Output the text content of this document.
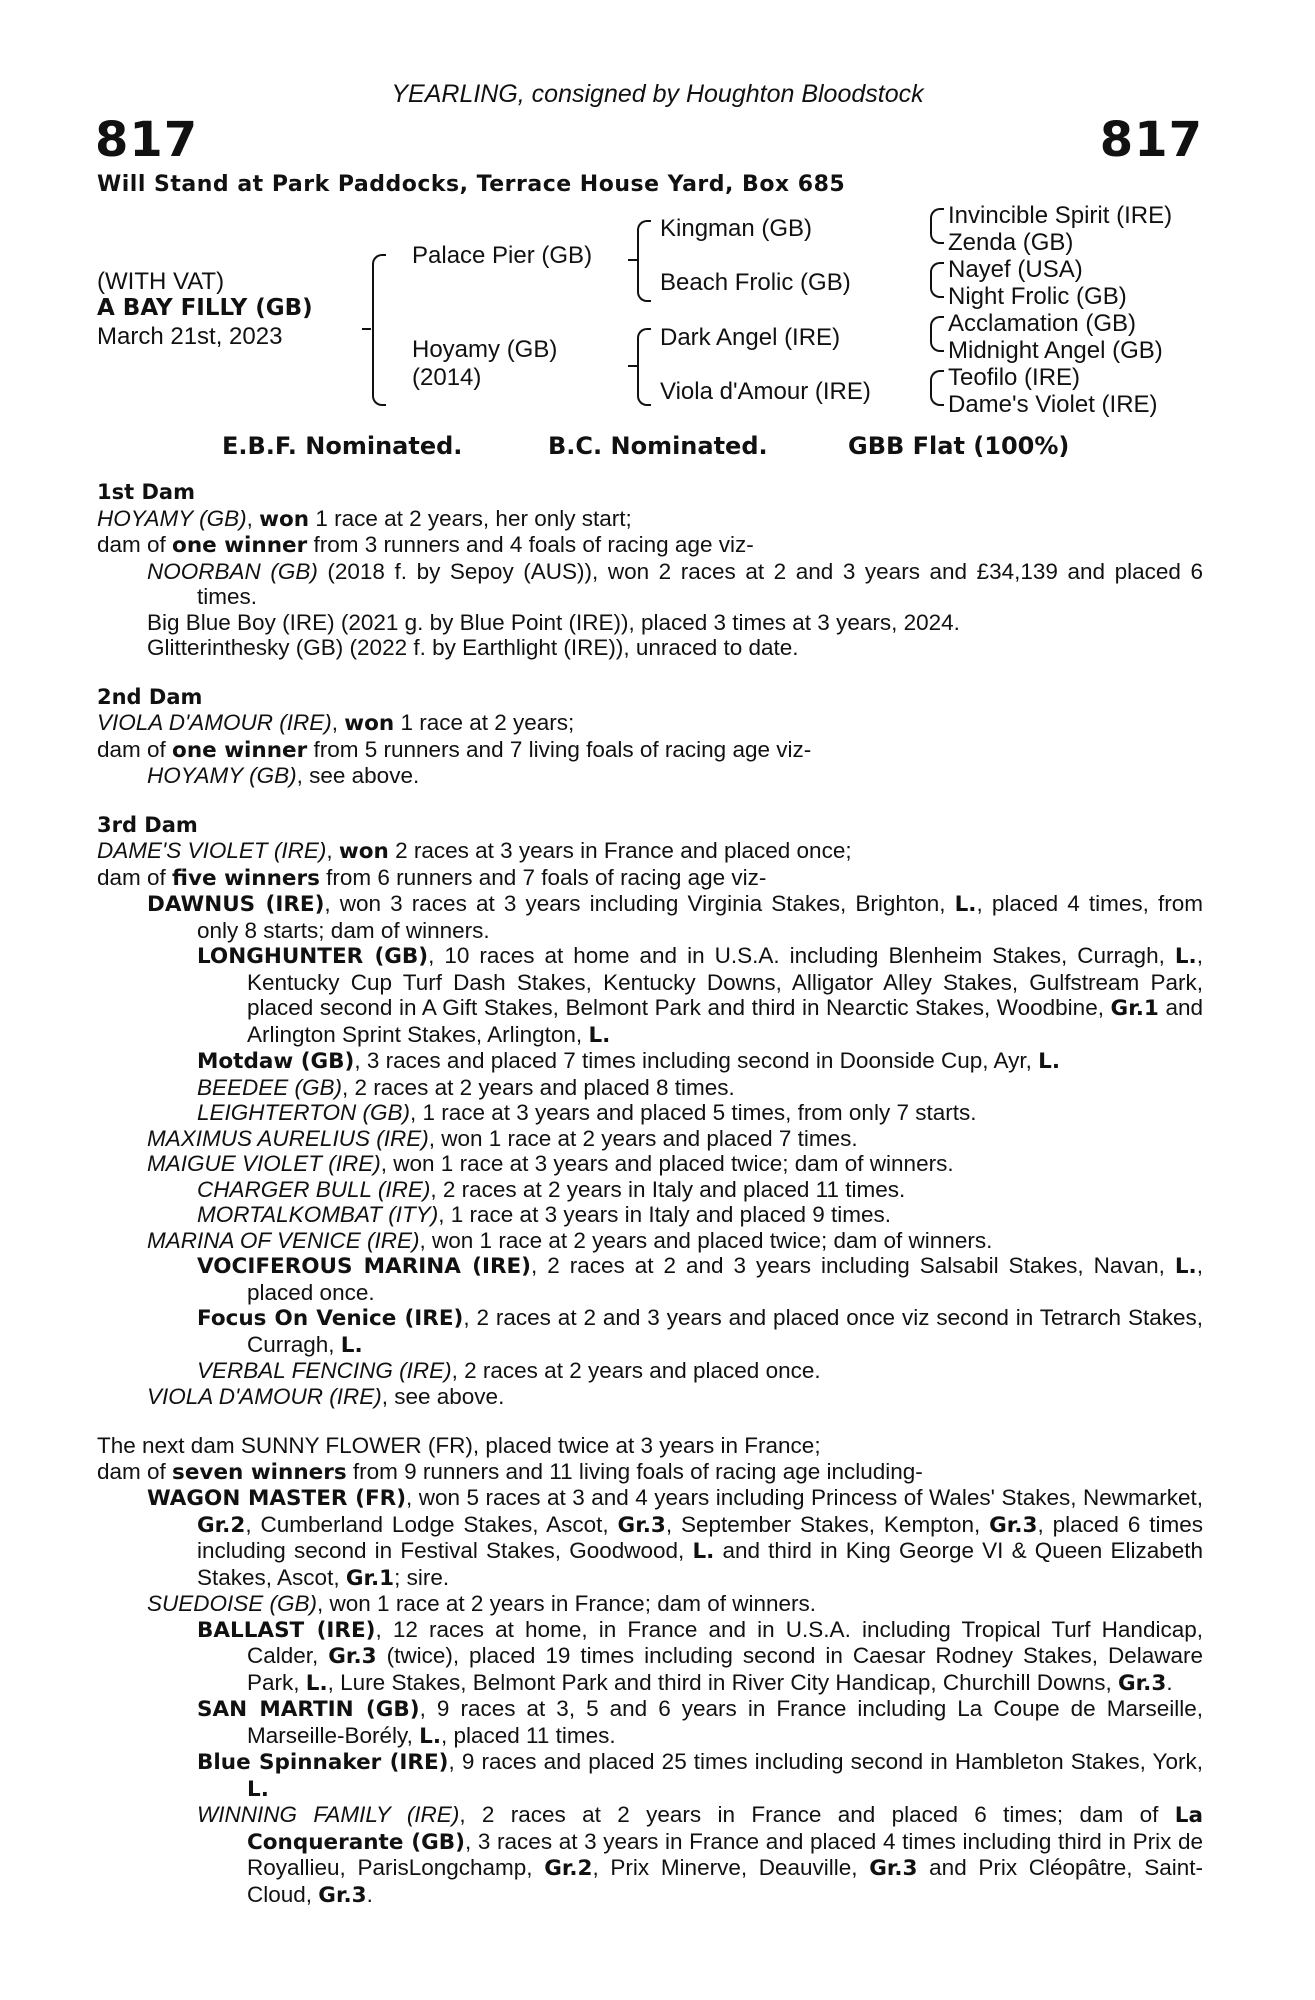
YEARLING, consigned by Houghton Bloodstock
817	817
Will Stand at Park Paddocks, Terrace House Yard, Box 685
(WITH VAT)
A BAY FILLY (GB)
March 21st, 2023
Palace Pier (GB)
Hoyamy (GB)
(2014)
Kingman (GB)
Beach Frolic (GB)
Dark Angel (IRE)
Viola d'Amour (IRE)
Invincible Spirit (IRE)
Zenda (GB)
Nayef (USA)
Night Frolic (GB)
Acclamation (GB)
Midnight Angel (GB)
Teofilo (IRE)
Dame's Violet (IRE)
E.B.F. Nominated.	B.C. Nominated.	GBB Flat (100%)

1st Dam

HOYAMY (GB), won 1 race at 2 years, her only start;

dam of one winner from 3 runners and 4 foals of racing age viz-

NOORBAN (GB) (2018 f. by Sepoy (AUS)), won 2 races at 2 and 3 years and £34,139 and placed 6 times.

Big Blue Boy (IRE) (2021 g. by Blue Point (IRE)), placed 3 times at 3 years, 2024.

Glitterinthesky (GB) (2022 f. by Earthlight (IRE)), unraced to date.

2nd Dam

VIOLA D'AMOUR (IRE), won 1 race at 2 years;

dam of one winner from 5 runners and 7 living foals of racing age viz-

HOYAMY (GB), see above.

3rd Dam

DAME'S VIOLET (IRE), won 2 races at 3 years in France and placed once;

dam of five winners from 6 runners and 7 foals of racing age viz-

DAWNUS (IRE), won 3 races at 3 years including Virginia Stakes, Brighton, L., placed 4 times, from only 8 starts; dam of winners.

LONGHUNTER (GB), 10 races at home and in U.S.A. including Blenheim Stakes, Curragh, L., Kentucky Cup Turf Dash Stakes, Kentucky Downs, Alligator Alley Stakes, Gulfstream Park, placed second in A Gift Stakes, Belmont Park and third in Nearctic Stakes, Woodbine, Gr.1 and Arlington Sprint Stakes, Arlington, L.

Motdaw (GB), 3 races and placed 7 times including second in Doonside Cup, Ayr, L.

BEEDEE (GB), 2 races at 2 years and placed 8 times.

LEIGHTERTON (GB), 1 race at 3 years and placed 5 times, from only 7 starts.

MAXIMUS AURELIUS (IRE), won 1 race at 2 years and placed 7 times.

MAIGUE VIOLET (IRE), won 1 race at 3 years and placed twice; dam of winners.

CHARGER BULL (IRE), 2 races at 2 years in Italy and placed 11 times.

MORTALKOMBAT (ITY), 1 race at 3 years in Italy and placed 9 times.

MARINA OF VENICE (IRE), won 1 race at 2 years and placed twice; dam of winners.

VOCIFEROUS MARINA (IRE), 2 races at 2 and 3 years including Salsabil Stakes, Navan, L., placed once.

Focus On Venice (IRE), 2 races at 2 and 3 years and placed once viz second in Tetrarch Stakes, Curragh, L.

VERBAL FENCING (IRE), 2 races at 2 years and placed once.

VIOLA D'AMOUR (IRE), see above.

The next dam SUNNY FLOWER (FR), placed twice at 3 years in France;

dam of seven winners from 9 runners and 11 living foals of racing age including-

WAGON MASTER (FR), won 5 races at 3 and 4 years including Princess of Wales' Stakes, Newmarket, Gr.2, Cumberland Lodge Stakes, Ascot, Gr.3, September Stakes, Kempton, Gr.3, placed 6 times including second in Festival Stakes, Goodwood, L. and third in King George VI & Queen Elizabeth Stakes, Ascot, Gr.1; sire.

SUEDOISE (GB), won 1 race at 2 years in France; dam of winners.

BALLAST (IRE), 12 races at home, in France and in U.S.A. including Tropical Turf Handicap, Calder, Gr.3 (twice), placed 19 times including second in Caesar Rodney Stakes, Delaware Park, L., Lure Stakes, Belmont Park and third in River City Handicap, Churchill Downs, Gr.3.

SAN MARTIN (GB), 9 races at 3, 5 and 6 years in France including La Coupe de Marseille, Marseille-Borély, L., placed 11 times.

Blue Spinnaker (IRE), 9 races and placed 25 times including second in Hambleton Stakes, York, L.

WINNING FAMILY (IRE), 2 races at 2 years in France and placed 6 times; dam of La Conquerante (GB), 3 races at 3 years in France and placed 4 times including third in Prix de Royallieu, ParisLongchamp, Gr.2, Prix Minerve, Deauville, Gr.3 and Prix Cléopâtre, Saint-Cloud, Gr.3.
